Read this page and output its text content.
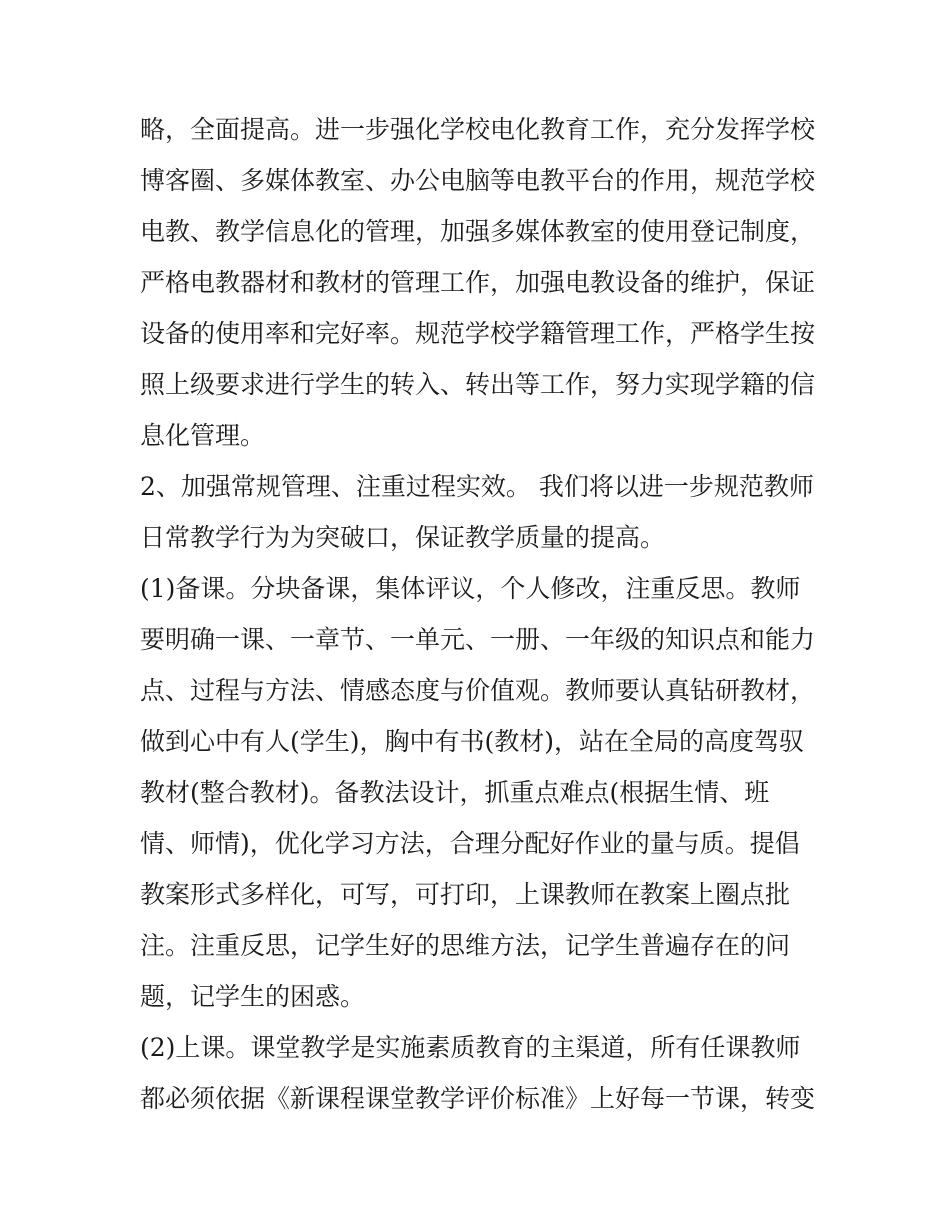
略，全面提高。进一步强化学校电化教育工作，充分发挥学校

博客圈、多媒体教室、办公电脑等电教平台的作用，规范学校

电教、教学信息化的管理，加强多媒体教室的使用登记制度，

严格电教器材和教材的管理工作，加强电教设备的维护，保证

设备的使用率和完好率。规范学校学籍管理工作，严格学生按

照上级要求进行学生的转入、转出等工作，努力实现学籍的信

息化管理。

2、加强常规管理、注重过程实效。 我们将以进一步规范教师

日常教学行为为突破口，保证教学质量的提高。

(1)备课。分块备课，集体评议，个人修改，注重反思。教师

要明确一课、一章节、一单元、一册、一年级的知识点和能力

点、过程与方法、情感态度与价值观。教师要认真钻研教材，

做到心中有人(学生)，胸中有书(教材)，站在全局的高度驾驭

教材(整合教材)。备教法设计，抓重点难点(根据生情、班

情、师情)，优化学习方法，合理分配好作业的量与质。提倡

教案形式多样化，可写，可打印，上课教师在教案上圈点批

注。注重反思，记学生好的思维方法，记学生普遍存在的问

题，记学生的困惑。

(2)上课。课堂教学是实施素质教育的主渠道，所有任课教师

都必须依据《新课程课堂教学评价标准》上好每一节课，转变
